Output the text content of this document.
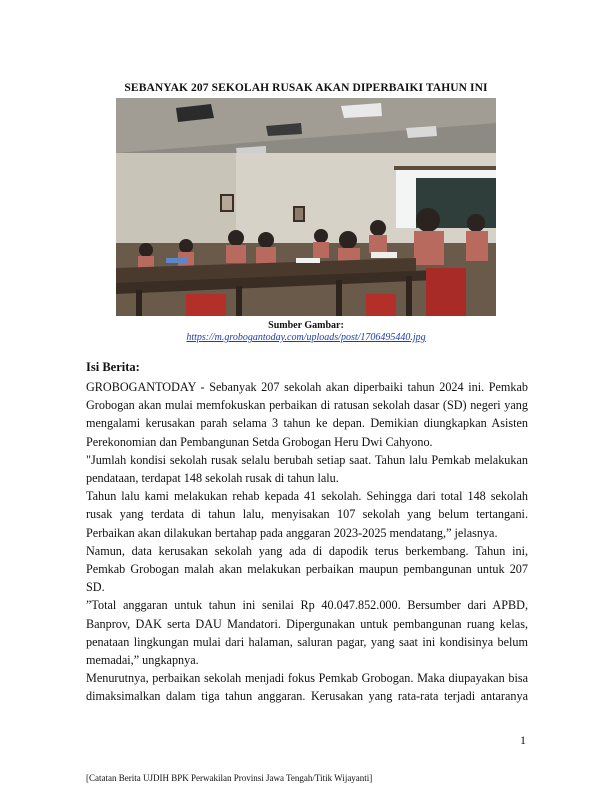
SEBANYAK 207 SEKOLAH RUSAK AKAN DIPERBAIKI TAHUN INI
Sumber Gambar:
https://m.grobogantoday.com/uploads/post/1706495440.jpg
Isi Berita:

GROBOGANTODAY - Sebanyak 207 sekolah akan diperbaiki tahun 2024 ini. Pemkab Grobogan akan mulai memfokuskan perbaikan di ratusan sekolah dasar (SD) negeri yang mengalami kerusakan parah selama 3 tahun ke depan. Demikian diungkapkan Asisten Perekonomian dan Pembangunan Setda Grobogan Heru Dwi Cahyono.

"Jumlah kondisi sekolah rusak selalu berubah setiap saat. Tahun lalu Pemkab melakukan pendataan, terdapat 148 sekolah rusak di tahun lalu.

Tahun lalu kami melakukan rehab kepada 41 sekolah. Sehingga dari total 148 sekolah rusak yang terdata di tahun lalu, menyisakan 107 sekolah yang belum tertangani. Perbaikan akan dilakukan bertahap pada anggaran 2023-2025 mendatang,” jelasnya.

Namun, data kerusakan sekolah yang ada di dapodik terus berkembang. Tahun ini, Pemkab Grobogan malah akan melakukan perbaikan maupun pembangunan untuk 207 SD.

”Total anggaran untuk tahun ini senilai Rp 40.047.852.000. Bersumber dari APBD, Banprov, DAK serta DAU Mandatori. Dipergunakan untuk pembangunan ruang kelas, penataan lingkungan mulai dari halaman, saluran pagar, yang saat ini kondisinya belum memadai,” ungkapnya.

Menurutnya, perbaikan sekolah menjadi fokus Pemkab Grobogan. Maka diupayakan bisa dimaksimalkan dalam tiga tahun anggaran. Kerusakan yang rata-rata terjadi antaranya

1
[Catatan Berita UJDIH BPK Perwakilan Provinsi Jawa Tengah/Titik Wijayanti]
